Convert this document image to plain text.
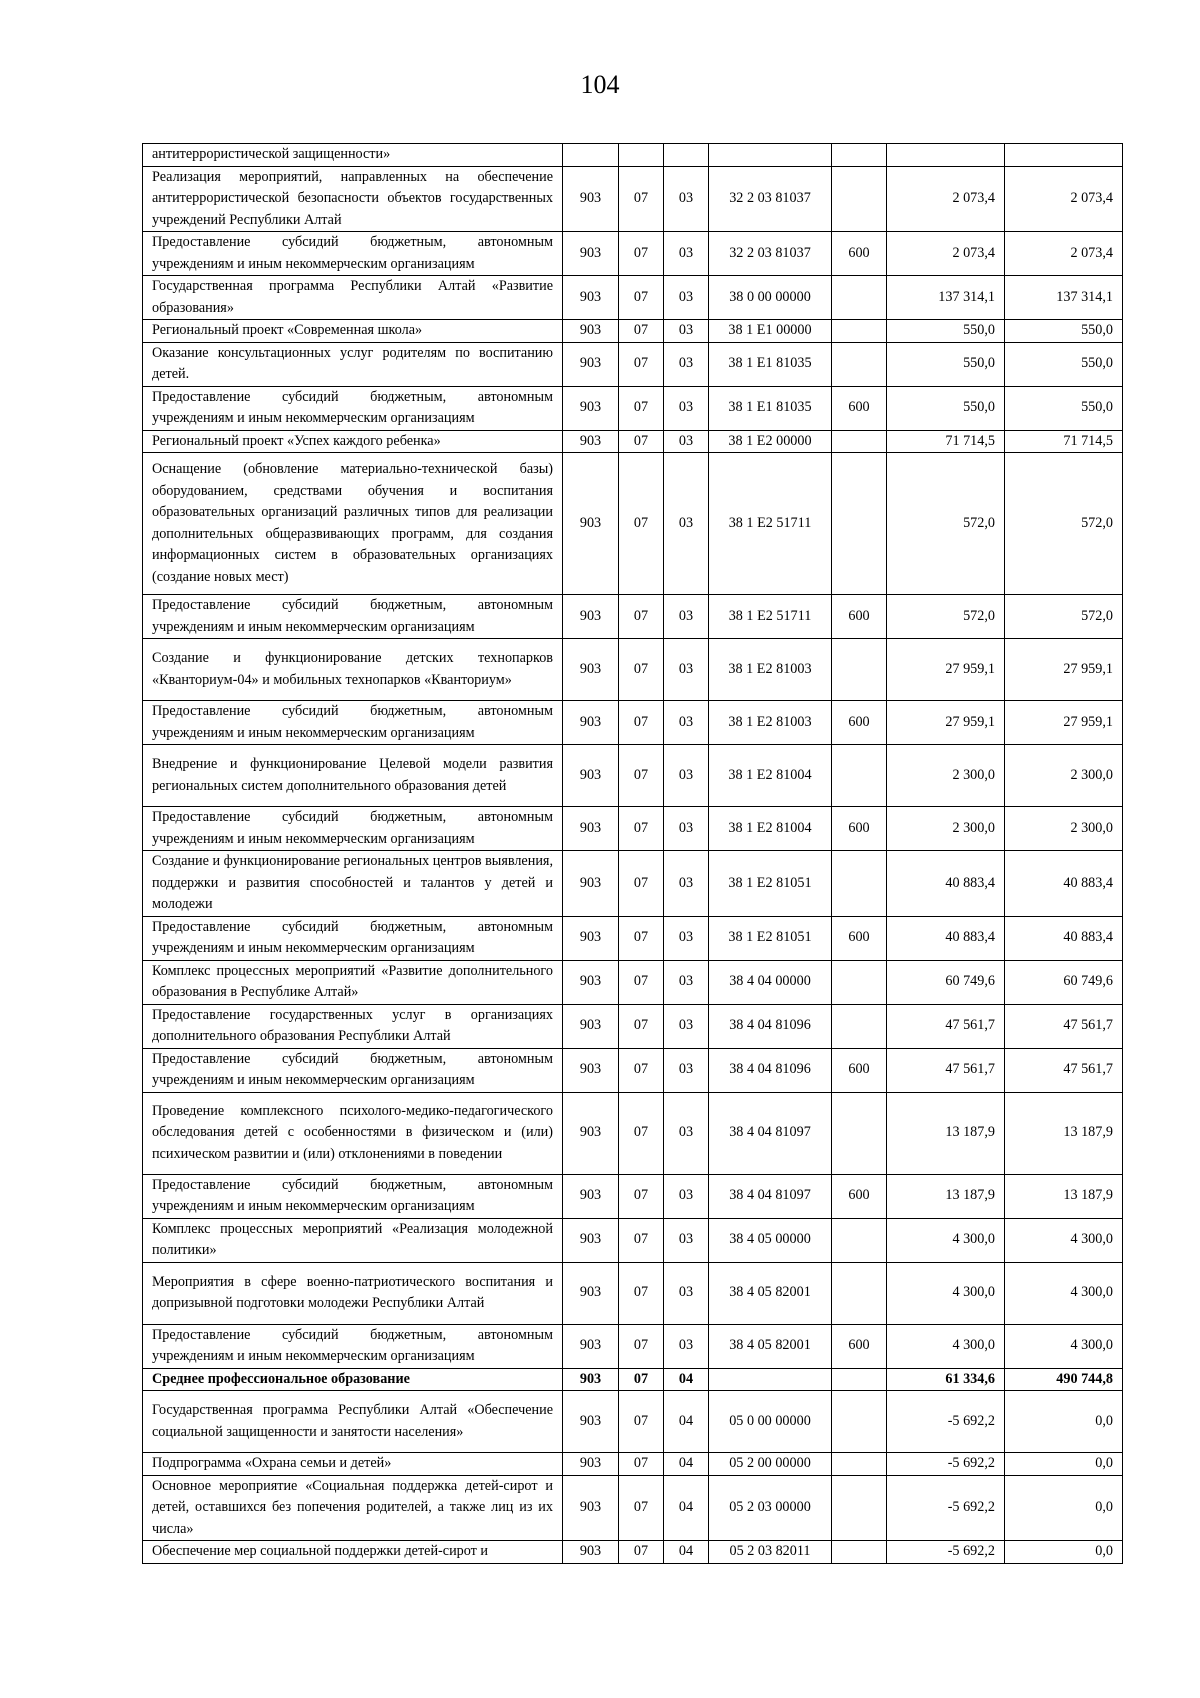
104
антитеррористической защищенности»							
Реализация мероприятий, направленных на обеспечение антитеррористической безопасности объектов государственных учреждений Республики Алтай	903	07	03	32 2 03 81037		2 073,4	2 073,4
Предоставление субсидий бюджетным, автономным учреждениям и иным некоммерческим организациям	903	07	03	32 2 03 81037	600	2 073,4	2 073,4
Государственная программа Республики Алтай «Развитие образования»	903	07	03	38 0 00 00000		137 314,1	137 314,1
Региональный проект «Современная школа»	903	07	03	38 1 E1 00000		550,0	550,0
Оказание консультационных услуг родителям по воспитанию детей.	903	07	03	38 1 E1 81035		550,0	550,0
Предоставление субсидий бюджетным, автономным учреждениям и иным некоммерческим организациям	903	07	03	38 1 E1 81035	600	550,0	550,0
Региональный проект «Успех каждого ребенка»	903	07	03	38 1 E2 00000		71 714,5	71 714,5
Оснащение (обновление материально-технической базы) оборудованием, средствами обучения и воспитания образовательных организаций различных типов для реализации дополнительных общеразвивающих программ, для создания информационных систем в образовательных организациях (создание новых мест)	903	07	03	38 1 E2 51711		572,0	572,0
Предоставление субсидий бюджетным, автономным учреждениям и иным некоммерческим организациям	903	07	03	38 1 E2 51711	600	572,0	572,0
Создание и функционирование детских технопарков «Кванториум-04» и мобильных технопарков «Кванториум»	903	07	03	38 1 E2 81003		27 959,1	27 959,1
Предоставление субсидий бюджетным, автономным учреждениям и иным некоммерческим организациям	903	07	03	38 1 E2 81003	600	27 959,1	27 959,1
Внедрение и функционирование Целевой модели развития региональных систем дополнительного образования детей	903	07	03	38 1 E2 81004		2 300,0	2 300,0
Предоставление субсидий бюджетным, автономным учреждениям и иным некоммерческим организациям	903	07	03	38 1 E2 81004	600	2 300,0	2 300,0
Создание и функционирование региональных центров выявления, поддержки и развития способностей и талантов у детей и молодежи	903	07	03	38 1 E2 81051		40 883,4	40 883,4
Предоставление субсидий бюджетным, автономным учреждениям и иным некоммерческим организациям	903	07	03	38 1 E2 81051	600	40 883,4	40 883,4
Комплекс процессных мероприятий «Развитие дополнительного образования в Республике Алтай»	903	07	03	38 4 04 00000		60 749,6	60 749,6
Предоставление государственных услуг в организациях дополнительного образования Республики Алтай	903	07	03	38 4 04 81096		47 561,7	47 561,7
Предоставление субсидий бюджетным, автономным учреждениям и иным некоммерческим организациям	903	07	03	38 4 04 81096	600	47 561,7	47 561,7
Проведение комплексного психолого-медико-педагогического обследования детей с особенностями в физическом и (или) психическом развитии и (или) отклонениями в поведении	903	07	03	38 4 04 81097		13 187,9	13 187,9
Предоставление субсидий бюджетным, автономным учреждениям и иным некоммерческим организациям	903	07	03	38 4 04 81097	600	13 187,9	13 187,9
Комплекс процессных мероприятий «Реализация молодежной политики»	903	07	03	38 4 05 00000		4 300,0	4 300,0
Мероприятия в сфере военно-патриотического воспитания и допризывной подготовки молодежи Республики Алтай	903	07	03	38 4 05 82001		4 300,0	4 300,0
Предоставление субсидий бюджетным, автономным учреждениям и иным некоммерческим организациям	903	07	03	38 4 05 82001	600	4 300,0	4 300,0
Среднее профессиональное образование	903	07	04			61 334,6	490 744,8
Государственная программа Республики Алтай «Обеспечение социальной защищенности и занятости населения»	903	07	04	05 0 00 00000		-5 692,2	0,0
Подпрограмма «Охрана семьи и детей»	903	07	04	05 2 00 00000		-5 692,2	0,0
Основное мероприятие «Социальная поддержка детей-сирот и детей, оставшихся без попечения родителей, а также лиц из их числа»	903	07	04	05 2 03 00000		-5 692,2	0,0
Обеспечение мер социальной поддержки детей-сирот и	903	07	04	05 2 03 82011		-5 692,2	0,0
